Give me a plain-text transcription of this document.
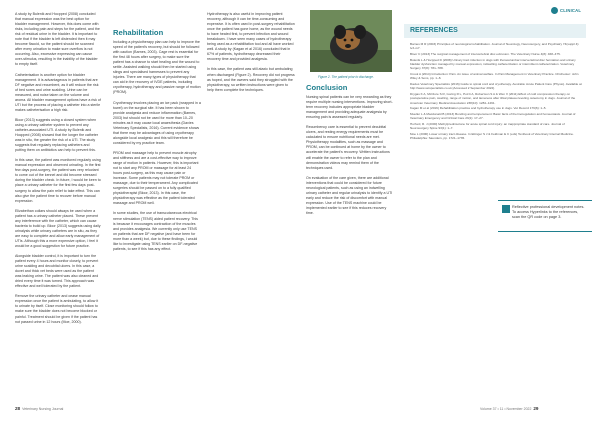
CLINICAL

A study by Bulenik and Hocpped (2008) concluded that manual expression was the best option for bladder management. However, this does come with risks, including pain and steps for the patient, and the risk of residual urine in the bladder. It is important to note that if the bladder is left distended then it may become flaccid, so the patient should be scanned after every urination to make sure overflow is not occurring. Also, excessive expressing can cause over-stimulus, resulting in the inability of the bladder to empty itself.

Catheterisation is another option for bladder management. It is advantageous in patients that are DF negative and recumbent, as it will reduce the risk of bed sores and urine scalding. Urine can be measured, and noise taken on the volume and aroma. All bladder management options have a risk of UTI but the process of placing a catheter into a sterile makes catheterisation a high risk.

Bloor (2013) suggests using a closed system when using a urinary catheter system to prevent any catheter-associated UTI. A study by Bulenik and Hocpped (2008) showed that the longer the catheter was in situ, the greater the risk of a UTI. The study suggests that regularly replacing catheters and putting them on antibiotics can help to prevent this.

In this case, the patient was monitored regularly using manual expression and observed urinating. In the first few days post-surgery, the patient was very reluctant to come out of the kennel and did become stressed during the bladder check. In future, I would be keen to place a urinary catheter for the first few days post-surgery to allow the pain relief to take effect. This can also give the patient time to recover before manual expression.

Elizabethan collars should always be used when a patient has a urinary catheter placed. These prevent any interference with the catheter, which can cause bacteria to build up. Bloor (2013) suggests using daily urinalysis while urinary catheters are in situ, as they are easy to complete and allow early management of UTIs. Although this a more expensive option, I feel it would be a good suggestion for future practice.

Alongside bladder control, it is important to turn the patient every 4 hours and monitor closely, to prevent urine scalding and decubital ulcers. In this case, a duvet and thick vet beds were used as the patient was leaking urine. The patient was also cleaned and dried every time it was turned. This approach was effective and well tolerated by the patient.

Remove the urinary catheter and cease manual expression once the patient is ambulating, to allow it to urinate by itself. Close monitoring should follow to make sure the bladder does not become blocked or painful. Treatment should be given if the patient has not passed urine in 12 hours (Moe, 2000).

Rehabilitation

Including a physiotherapy plan can help to improve the speed of the patient's recovery, but should be followed with caution (Barnes, 2003). Cage rest is essential for the first 48 hours after surgery, to make sure the patient has a chance to start healing and the wound to settle. Assisted walking should then be started using slings and specialised harnesses to prevent any injuries. There are many types of physiotherapy that can aid in the recovery of IVDE patients, including cryotherapy, hydrotherapy and passive range of motion (PROM).

Cryotherapy involves placing an ice pack (wrapped in a towel) on the surgical site. It has been shown to provide analgesia and reduce inflammation (Barnes, 2003) but should not be used for more than 10–20 minutes as it may cause local anaesthesia (Davies Veterinary Specialists, 2016). Current evidence shows that there may be advantages of using cryotherapy alongside local analgesic and this will therefore be considered by my practice team.

PROM and massage help to prevent muscle atrophy and stiffness and are a cost-effective way to improve range of motion in patients. However, this is important not to start any PROM or massage for at least 24 hours post-surgery, as this may cause pain or increase. Some patients may not tolerate PROM or massage, due to their temperament. Any complicated surgeries should be passed on to a fully qualified physiotherapist (Bloor, 2013). In this case, the physiotherapy was effective as the patient tolerated massage and PROM well.

In some studies, the use of transcutaneous electrical nerve stimulation (TENS) aided patient recovery. This is because it encourages contraction of the muscles and provides analgesia. We currently only use TENS on patients that are DF negative (and have been for more than a week) but, due to these findings, I would like to investigate using TENS earlier on DF-negative patients, to see if this has any effect.

Hydrotherapy is also useful in improving patient recovery, although it can be time-consuming and expensive. It is often used in post-surgery rehabilitation once the patient has gone home, as the wound needs to have healed first, to prevent infection and wound breakdown. I have seen many cases of hydrotherapy being used as a rehabilitation tool and all have worked well. A study by (Kagan et al 2016) concluded that in 67% of patients, hydrotherapy decreased their recovery time and provided analgesia.

In this case, the patient was still ataxic but ambulating when discharged (Figure 2). Recovery did not progress as hoped, and the owners said they struggled with the physiotherapy, so written instructions were given to help them complete the techniques.

Figure 2. The patient prior to discharge.
Conclusion

Nursing spinal patients can be very rewarding as they require multiple nursing interventions. Improving short-term recovery includes appropriate bladder management and providing adequate analgesia by ensuring pain is assessed regularly.

Recumbency care is essential to prevent decubital ulcers, and resting energy requirements must be calculated to ensure nutritional needs are met. Physiotherapy modalities, such as massage and PROM, can be continued at home by the owner to accelerate the patient's recovery. Written instructions will enable the owner to refer to the plan and demonstration videos may remind them of the techniques used.

On evaluation of the care given, there are additional interventions that could be considered for future neurological patients, such as using an indwelling urinary catheter and regular urinalysis to identify a UTI early and reduce the risk of discomfort with manual expression. Use of the TENS machine could be implemented earlier to see if this reduces recovery time.

REFERENCES

Barnes M R (2003) Principles of neurological rehabilitation. Journal of Neurology, Neurosurgery, and Psychiatry 74(suppl 4): iv3–iv7.

Bloor C (2013) The surgical management of intervertebral disc extrusion. The Veterinary Nurse 4(8): 468–475.

Bulenik L & Hocpped D (2008) Urinary tract infection in dogs with thoracolumbar intervertebral disc herniation and urinary bladder dysfunction managed by manual expression, indwelling catheterization or intermittent catheterization. Veterinary Surgery 37(8): 781–788.

Crook A (2014) Introduction: Pain. An issue of animal welfare. In Pain Management in Veterinary Practice. Chichester: John Wiley & Sons, pp. 1–8.

Davies Veterinary Specialists (2016) Guide to spinal cord and cryotherapy. Australia: Acute Patient Care (Physio). Available at http://www.vetspecialists.co.uk [Accessed 2 September 2022].

Drygas K A, McClure S R, Goring R L, Pozzi A, Robertson S A & Wen X (2011) Effect of cold compression therapy on postoperative pain, swelling, range of motion, and lameness after tibial plateau leveling osteotomy in dogs. Journal of the American Veterinary Medical Association 238(10): 1284–1291.

Kagan M et al (2016) Rehabilitation practice and hydrotherapy use in dogs. Vet Record 179(6): 1–5.

Mueller L & Macdonald B (2013) Bonding and temperament: Basic facts of thermoregulation and homeostasis. Journal of Veterinary Emergency and Critical Care 23(1): 17–27.

Hurford, R. J (2000) Methylprednisolone for acute spinal cord injury: an inappropriate standard of care. Journal of Neurosurgery Spine 93(1): 1–7.

Moe L (2000) Lower urinary tract disease. In Ettinger S J & Feldman E C (eds) Textbook of Veterinary Internal Medicine. Philadelphia: Saunders, pp. 1721–1735.

Reflective professional development notes. To access Hyperlinks to the references, scan the QR code on page 3.
28 Veterinary Nursing Journal	Volume 37 • 11 • November 2022 29
